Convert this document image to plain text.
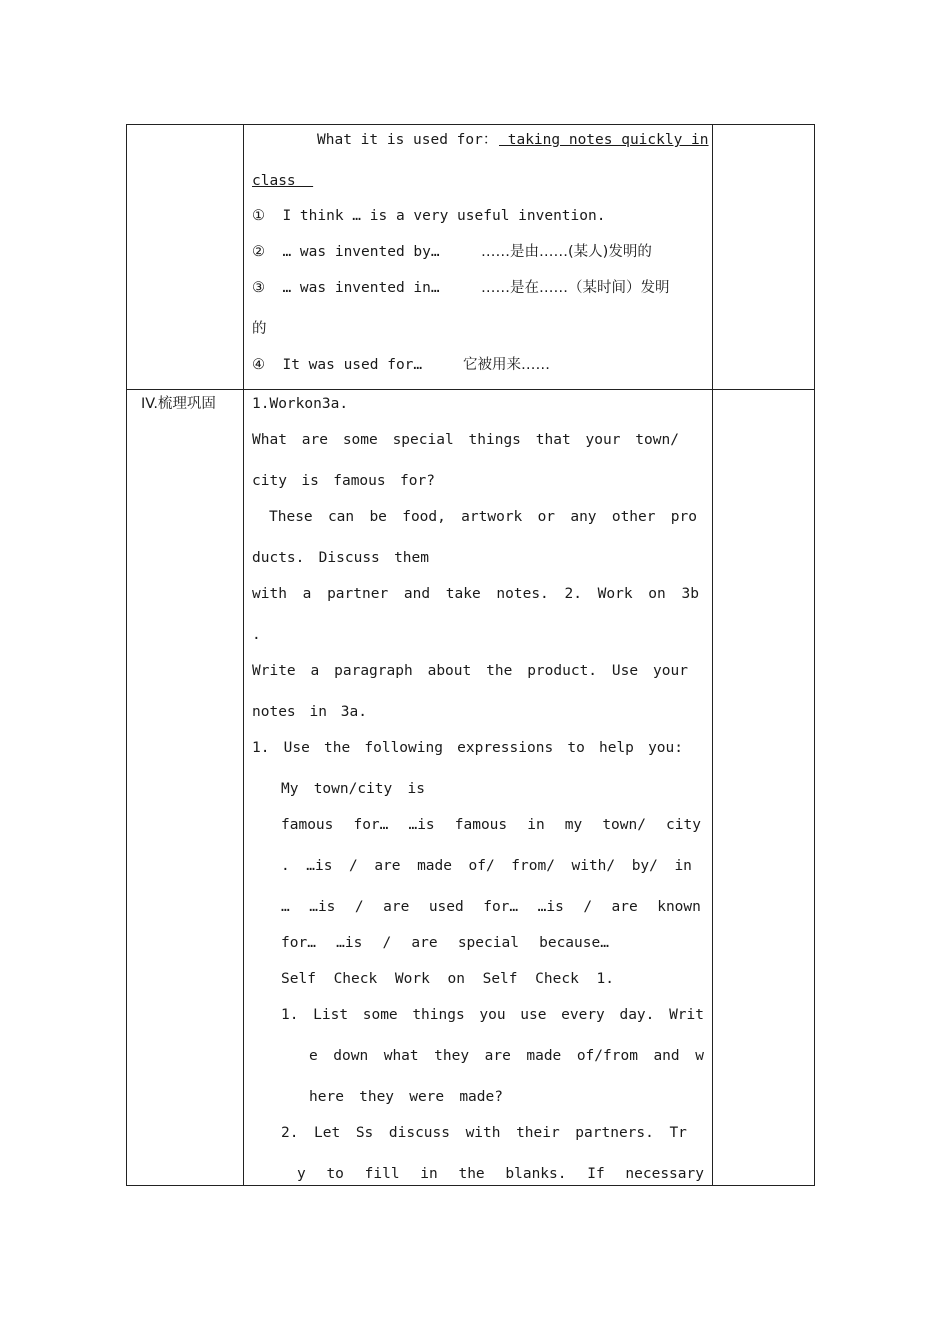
What it is used for： taking notes quickly in
class
①  I think … is a very useful invention.
②  … was invented by…	……是由……(某人)发明的
③  … was invented in…	……是在……（某时间）发明
的
④  It was used for…	它被用来……
IV.梳理巩固 1.Workon3a.
What are some special things that your town/
city is famous for?
These can be food, artwork or any other pro
ducts. Discuss them
with a partner and take notes. 2. Work on 3b
.
Write a paragraph about the product. Use your
notes in 3a.
1. Use the following expressions to help you:
My town/city is
famous for… …is famous in my town/ city
. …is / are made of/ from/ with/ by/ in
… …is / are used for… …is / are known
for… …is / are special because…
Self Check Work on Self Check 1.
1. List some things you use every day. Writ
e down what they are made of/from and w
here they were made?
2. Let Ss discuss with their partners. Tr
y to fill in the blanks. If necessary
